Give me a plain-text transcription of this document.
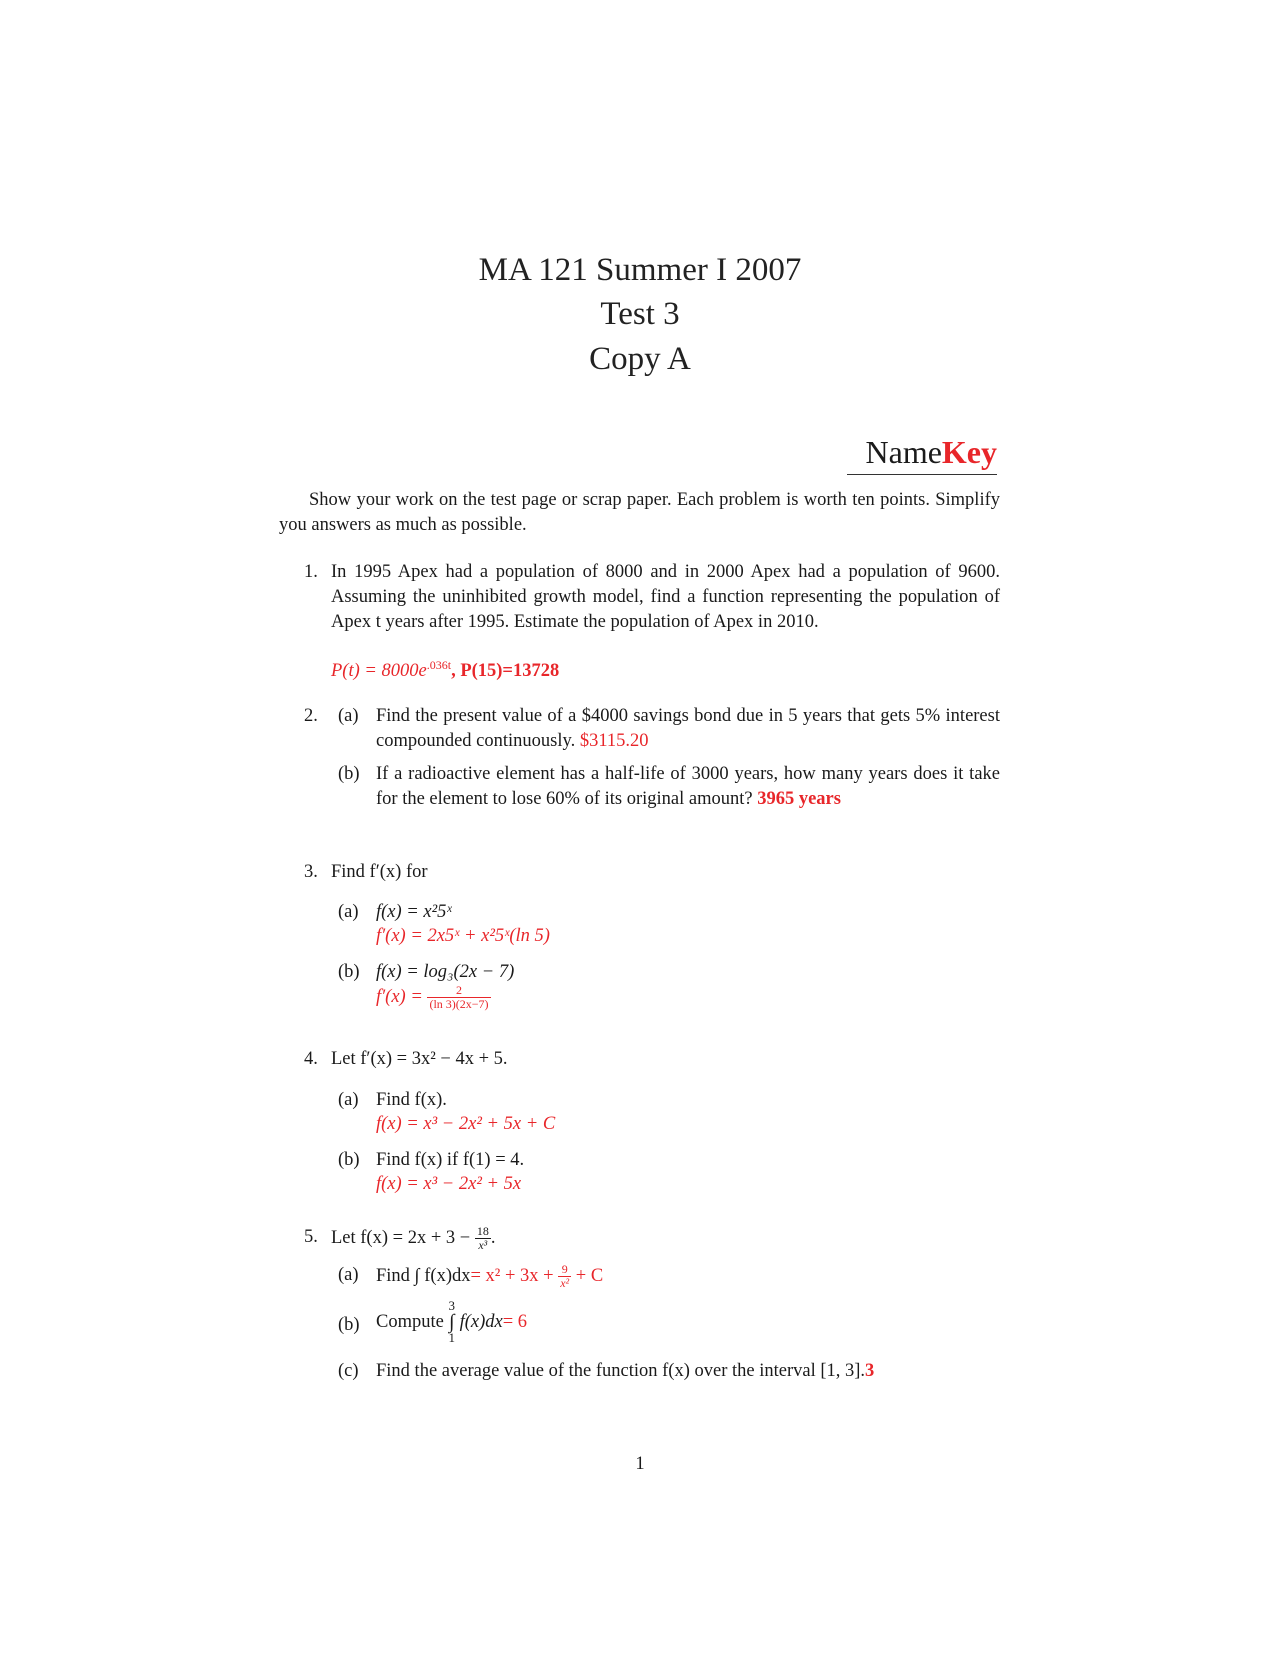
MA 121 Summer I 2007
Test 3
Copy A
NameKey
Show your work on the test page or scrap paper. Each problem is worth ten points. Simplify you answers as much as possible.
1. In 1995 Apex had a population of 8000 and in 2000 Apex had a population of 9600. Assuming the uninhibited growth model, find a function representing the population of Apex t years after 1995. Estimate the population of Apex in 2010.
$P(t) = 8000e^{.036t}$, P(15)=13728
2. (a) Find the present value of a $4000 savings bond due in 5 years that gets 5% interest compounded continuously. $3115.20
(b) If a radioactive element has a half-life of 3000 years, how many years does it take for the element to lose 60% of its original amount? 3965 years
3. Find f′(x) for
(a) f(x) = x²5ˣ
f′(x) = 2x5ˣ + x²5ˣ(ln 5)
(b) f(x) = log₃(2x − 7)
$f'(x) = \frac{2}{(\ln 3)(2x-7)}$
4. Let f′(x) = 3x² − 4x + 5.
(a) Find f(x).
f(x) = x³ − 2x² + 5x + C
(b) Find f(x) if f(1) = 4.
f(x) = x³ − 2x² + 5x
5. Let $f(x) = 2x + 3 - \frac{18}{\text{x³}}$ .
(a) Find ∫ $f(x)dx= x^2 + 3x + \frac{9}{\text{x²}} + C$
(b) Compute
3
∫
1
f(x)dx= 6
(c) Find the average value of the function f(x) over the interval [1, 3].3
1
